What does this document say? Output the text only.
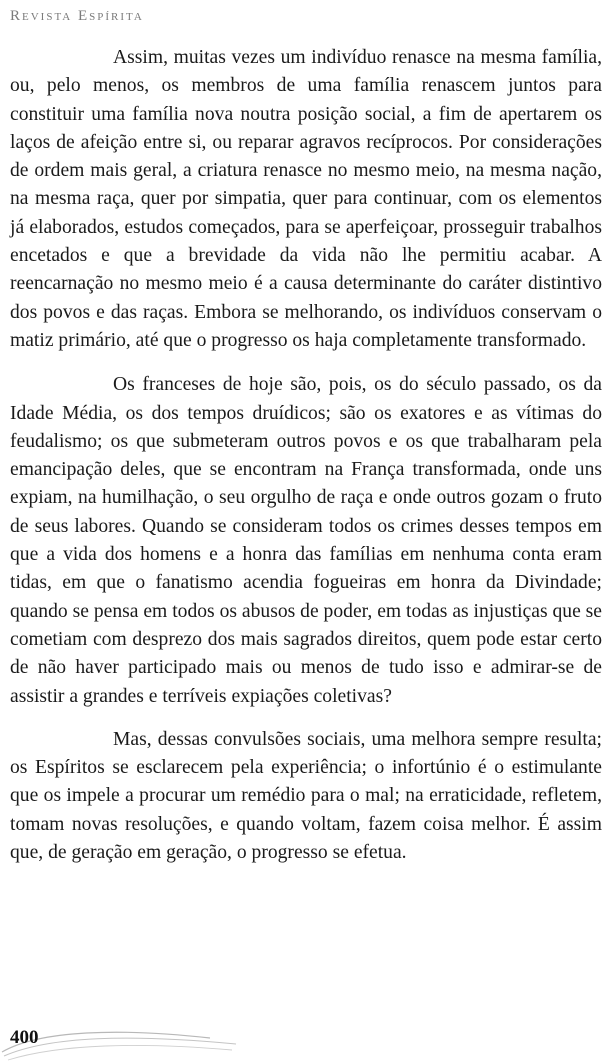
Revista Espírita

Assim, muitas vezes um indivíduo renasce na mesma família, ou, pelo menos, os membros de uma família renascem juntos para constituir uma família nova noutra posição social, a fim de apertarem os laços de afeição entre si, ou reparar agravos recíprocos. Por considerações de ordem mais geral, a criatura renasce no mesmo meio, na mesma nação, na mesma raça, quer por simpatia, quer para continuar, com os elementos já elaborados, estudos começados, para se aperfeiçoar, prosseguir trabalhos encetados e que a brevidade da vida não lhe permitiu acabar. A reencarnação no mesmo meio é a causa determinante do caráter distintivo dos povos e das raças. Embora se melhorando, os indivíduos conservam o matiz primário, até que o progresso os haja completamente transformado.

Os franceses de hoje são, pois, os do século passado, os da Idade Média, os dos tempos druídicos; são os exatores e as vítimas do feudalismo; os que submeteram outros povos e os que trabalharam pela emancipação deles, que se encontram na França transformada, onde uns expiam, na humilhação, o seu orgulho de raça e onde outros gozam o fruto de seus labores. Quando se consideram todos os crimes desses tempos em que a vida dos homens e a honra das famílias em nenhuma conta eram tidas, em que o fanatismo acendia fogueiras em honra da Divindade; quando se pensa em todos os abusos de poder, em todas as injustiças que se cometiam com desprezo dos mais sagrados direitos, quem pode estar certo de não haver participado mais ou menos de tudo isso e admirar-se de assistir a grandes e terríveis expiações coletivas?

Mas, dessas convulsões sociais, uma melhora sempre resulta; os Espíritos se esclarecem pela experiência; o infortúnio é o estimulante que os impele a procurar um remédio para o mal; na erraticidade, refletem, tomam novas resoluções, e quando voltam, fazem coisa melhor. É assim que, de geração em geração, o progresso se efetua.

400
